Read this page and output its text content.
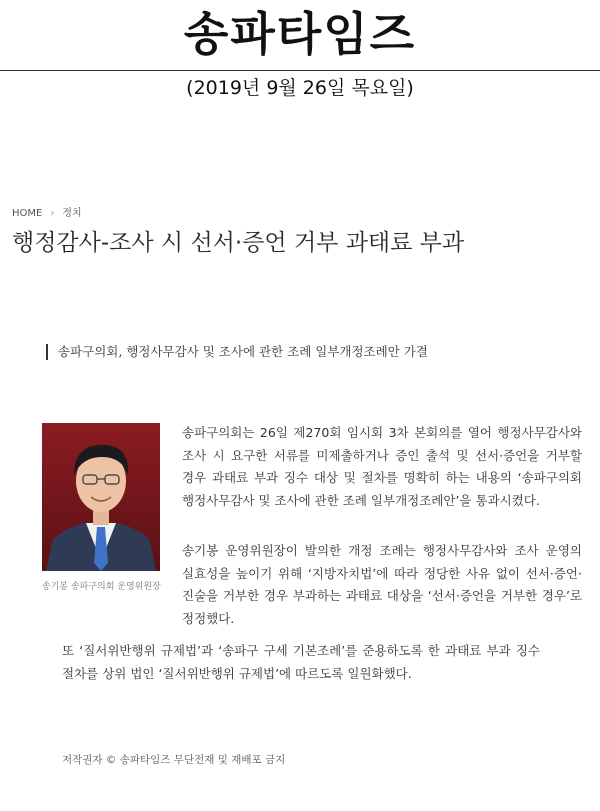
송파타임즈
(2019년 9월 26일 목요일)
HOME › 정치
행정감사-조사 시 선서·증언 거부 과태료 부과
송파구의회, 행정사무감사 및 조사에 관한 조례 일부개정조례안 가결
송기봉 송파구의회 운영위원장

송파구의회는 26일 제270회 임시회 3차 본회의를 열어 행정사무감사와 조사 시 요구한 서류를 미제출하거나 증인 출석 및 선서·증언을 거부할 경우 과태료 부과 징수 대상 및 절차를 명확히 하는 내용의 ‘송파구의회 행정사무감사 및 조사에 관한 조례 일부개정조례안’을 통과시켰다.

송기봉 운영위원장이 발의한 개정 조례는 행정사무감사와 조사 운영의 실효성을 높이기 위해 ‘지방자치법’에 따라 정당한 사유 없이 선서·증언·진술을 거부한 경우 부과하는 과태료 대상을 ‘선서·증언을 거부한 경우’로 정정했다.

또 ‘질서위반행위 규제법’과 ‘송파구 구세 기본조례’를 준용하도록 한 과태료 부과 징수 절차를 상위 법인 ‘질서위반행위 규제법’에 따르도록 일원화했다.

저작권자 © 송파타임즈 무단전재 및 재배포 금지
